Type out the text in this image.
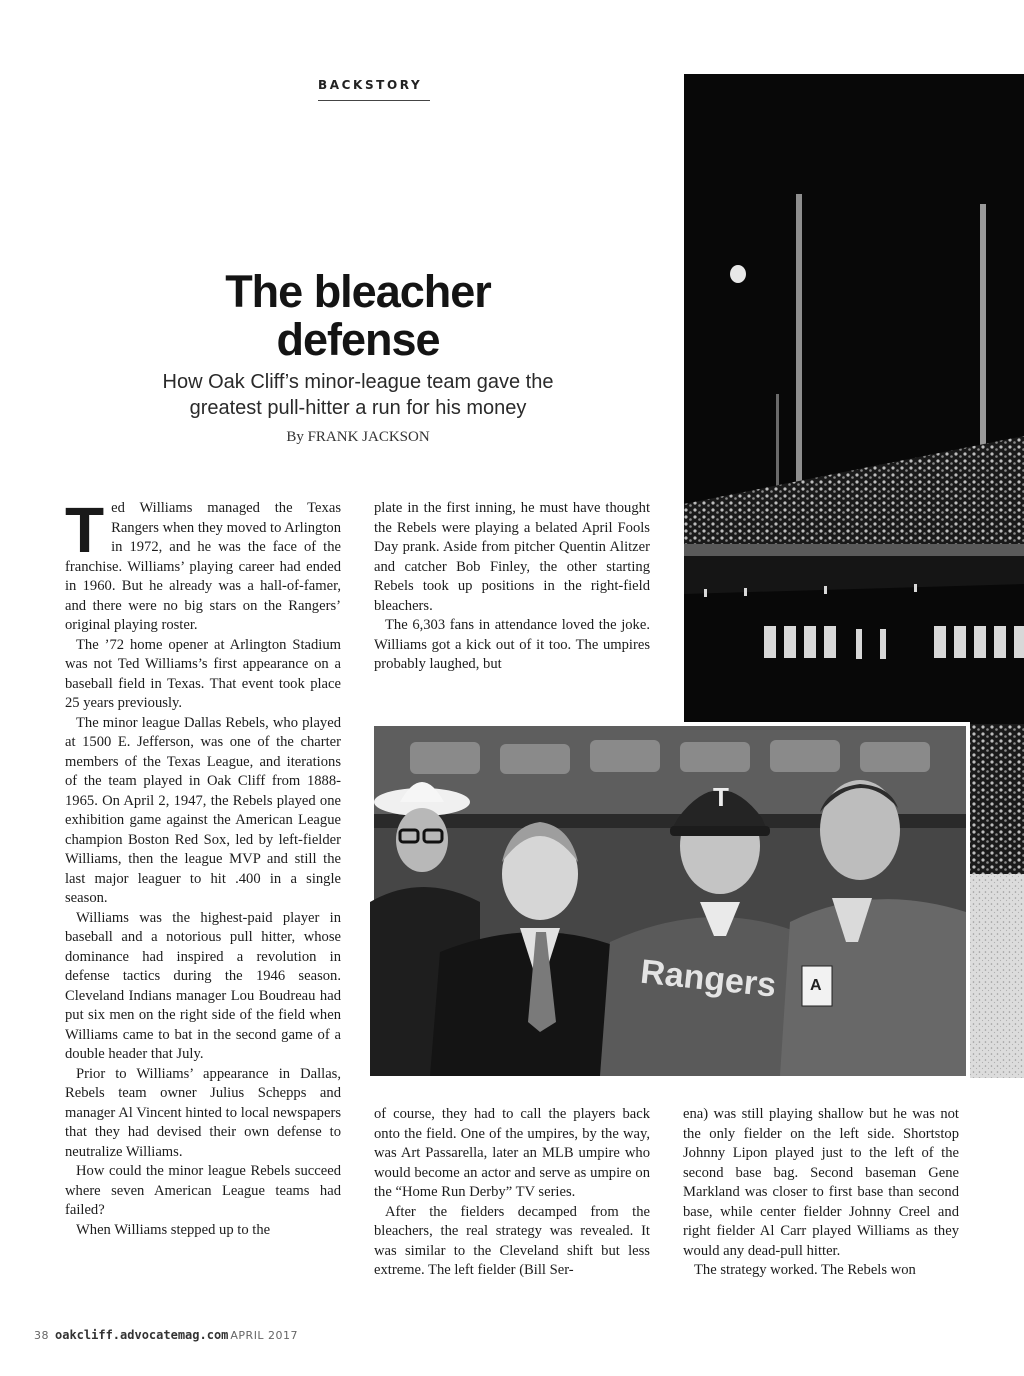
BACKSTORY
The bleacher
defense
How Oak Cliff’s minor-league team gave the
greatest pull-hitter a run for his money
By FRANK JACKSON
T
Rangers A

Ted Williams managed the Texas Rangers when they moved to Arlington in 1972, and he was the face of the franchise. Williams’ playing career had ended in 1960. But he already was a hall-of-famer, and there were no big stars on the Rangers’ original playing roster.

The ’72 home opener at Arlington Stadium was not Ted Williams’s first appearance on a baseball field in Texas. That event took place 25 years previously.

The minor league Dallas Rebels, who played at 1500 E. Jefferson, was one of the charter members of the Texas League, and iterations of the team played in Oak Cliff from 1888-1965. On April 2, 1947, the Rebels played one exhibition game against the American League champion Boston Red Sox, led by left-fielder Williams, then the league MVP and still the last major leaguer to hit .400 in a single season.

Williams was the highest-paid player in baseball and a notorious pull hitter, whose dominance had inspired a revolution in defense tactics during the 1946 season. Cleveland Indians manager Lou Boudreau had put six men on the right side of the field when Williams came to bat in the second game of a double header that July.

Prior to Williams’ appearance in Dallas, Rebels team owner Julius Schepps and manager Al Vincent hinted to local newspapers that they had devised their own defense to neutralize Williams.

How could the minor league Rebels succeed where seven American League teams had failed?

When Williams stepped up to the

plate in the first inning, he must have thought the Rebels were playing a belated April Fools Day prank. Aside from pitcher Quentin Alitzer and catcher Bob Finley, the other starting Rebels took up positions in the right-field bleachers.

The 6,303 fans in attendance loved the joke. Williams got a kick out of it too. The umpires probably laughed, but

of course, they had to call the players back onto the field. One of the umpires, by the way, was Art Passarella, later an MLB umpire who would become an actor and serve as umpire on the “Home Run Derby” TV series.

After the fielders decamped from the bleachers, the real strategy was revealed. It was similar to the Cleveland shift but less extreme. The left fielder (Bill Ser-

ena) was still playing shallow but he was not the only fielder on the left side. Shortstop Johnny Lipon played just to the left of the second base bag. Second baseman Gene Markland was closer to first base than second base, while center fielder Johnny Creel and right fielder Al Carr played Williams as they would any dead-pull hitter.

The strategy worked. The Rebels won

38 oakcliff.advocatemag.com APRIL 2017
